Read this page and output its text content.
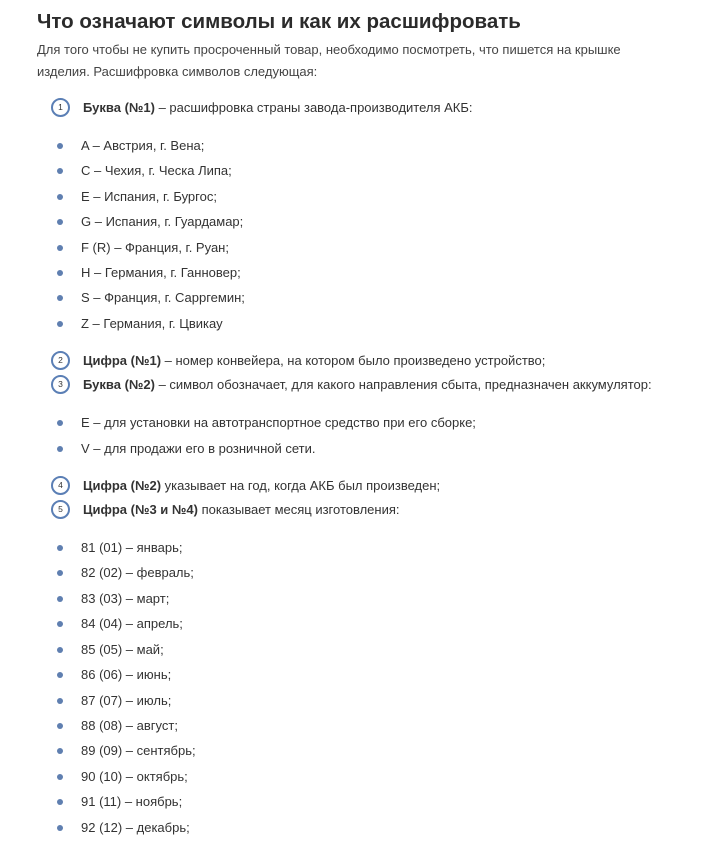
Что означают символы и как их расшифровать

Для того чтобы не купить просроченный товар, необходимо посмотреть, что пишется на крышке изделия. Расшифровка символов следующая:

1	Буква (№1) – расшифровка страны завода-производителя АКБ:
A – Австрия, г. Вена;
C – Чехия, г. Ческа Липа;
E – Испания, г. Бургос;
G – Испания, г. Гуардамар;
F (R) – Франция, г. Руан;
H – Германия, г. Ганновер;
S – Франция, г. Сарргемин;
Z – Германия, г. Цвикау
2	Цифра (№1) – номер конвейера, на котором было произведено устройство;
3	Буква (№2) – символ обозначает, для какого направления сбыта, предназначен аккумулятор:
E – для установки на автотранспортное средство при его сборке;
V – для продажи его в розничной сети.
4	Цифра (№2) указывает на год, когда АКБ был произведен;
5	Цифра (№3 и №4) показывает месяц изготовления:
81 (01) – январь;
82 (02) – февраль;
83 (03) – март;
84 (04) – апрель;
85 (05) – май;
86 (06) – июнь;
87 (07) – июль;
88 (08) – август;
89 (09) – сентябрь;
90 (10) – октябрь;
91 (11) – ноябрь;
92 (12) – декабрь;
